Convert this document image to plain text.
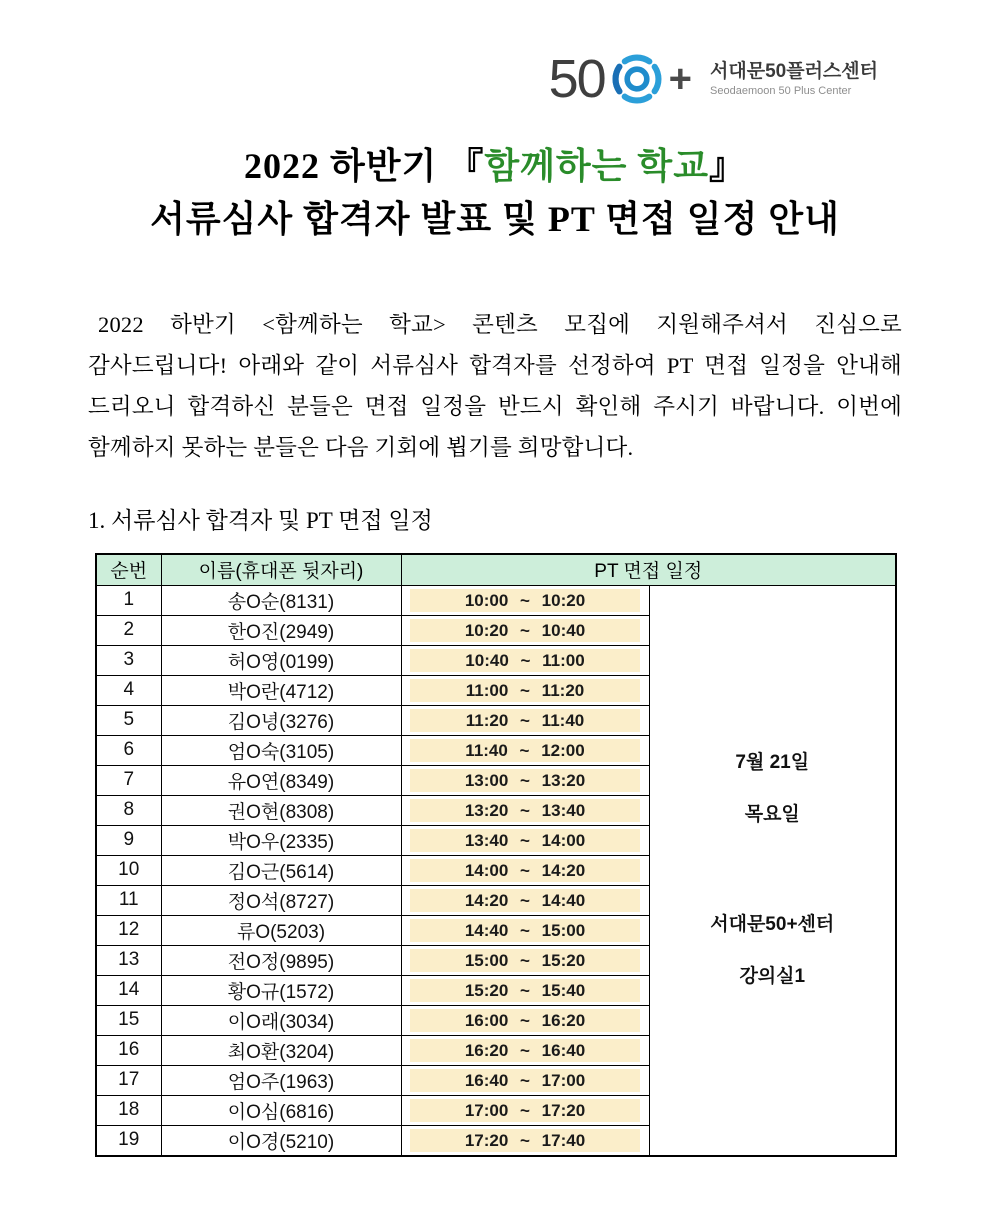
50 + 서대문50플러스센터
Seodaemoon 50 Plus Center
2022 하반기 『함께하는 학교』
서류심사 합격자 발표 및 PT 면접 일정 안내

2022 하반기 <함께하는 학교> 콘텐츠 모집에 지원해주셔서 진심으로 감사드립니다! 아래와 같이 서류심사 합격자를 선정하여 PT 면접 일정을 안내해 드리오니 합격하신 분들은 면접 일정을 반드시 확인해 주시기 바랍니다. 이번에 함께하지 못하는 분들은 다음 기회에 뵙기를 희망합니다.

1. 서류심사 합격자 및 PT 면접 일정
순번	이름(휴대폰 뒷자리)	PT 면접 일정	
1	송O순(8131)	10:00 ~ 10:20	7월 21일
목요일
서대문50+센터
강의실1

2	한O진(2949)	10:20 ~ 10:40	

3	허O영(0199)	10:40 ~ 11:00	

4	박O란(4712)	11:00 ~ 11:20	

5	김O녕(3276)	11:20 ~ 11:40	

6	엄O숙(3105)	11:40 ~ 12:00	

7	유O연(8349)	13:00 ~ 13:20	

8	권O현(8308)	13:20 ~ 13:40	

9	박O우(2335)	13:40 ~ 14:00	

10	김O근(5614)	14:00 ~ 14:20	

11	정O석(8727)	14:20 ~ 14:40	

12	류O(5203)	14:40 ~ 15:00	

13	전O정(9895)	15:00 ~ 15:20	

14	황O규(1572)	15:20 ~ 15:40	

15	이O래(3034)	16:00 ~ 16:20	

16	최O환(3204)	16:20 ~ 16:40	

17	엄O주(1963)	16:40 ~ 17:00	

18	이O심(6816)	17:00 ~ 17:20	

19	이O경(5210)	17:20 ~ 17:40	
